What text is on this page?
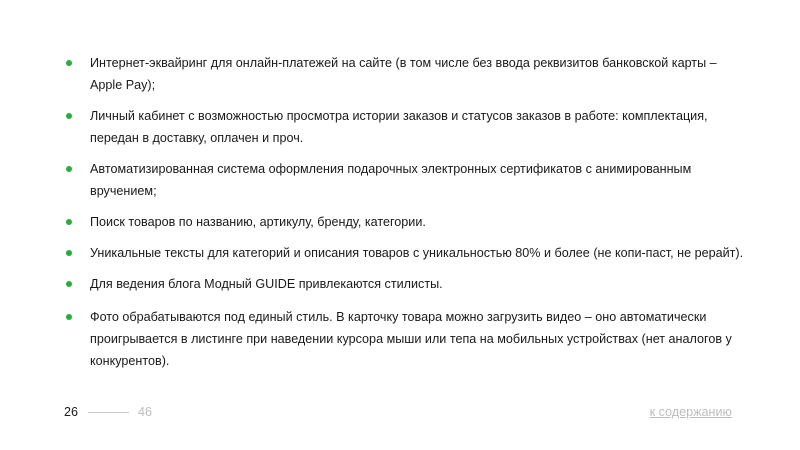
Интернет-эквайринг для онлайн-платежей на сайте (в том числе без ввода реквизитов банковской карты – Apple Pay);
Личный кабинет с возможностью просмотра истории заказов и статусов заказов в работе: комплектация, передан в доставку, оплачен и проч.
Автоматизированная система оформления подарочных электронных сертификатов с анимированным вручением;
Поиск товаров по названию, артикулу, бренду, категории.
Уникальные тексты для категорий и описания товаров с уникальностью 80% и более (не копи-паст, не рерайт).
Для ведения блога Модный GUIDE привлекаются стилисты.
Фото обрабатываются под единый стиль. В карточку товара можно загрузить видео – оно автоматически проигрывается в листинге при наведении курсора мыши или тепа на мобильных устройствах (нет аналогов у конкурентов).
26	46	к содержанию
